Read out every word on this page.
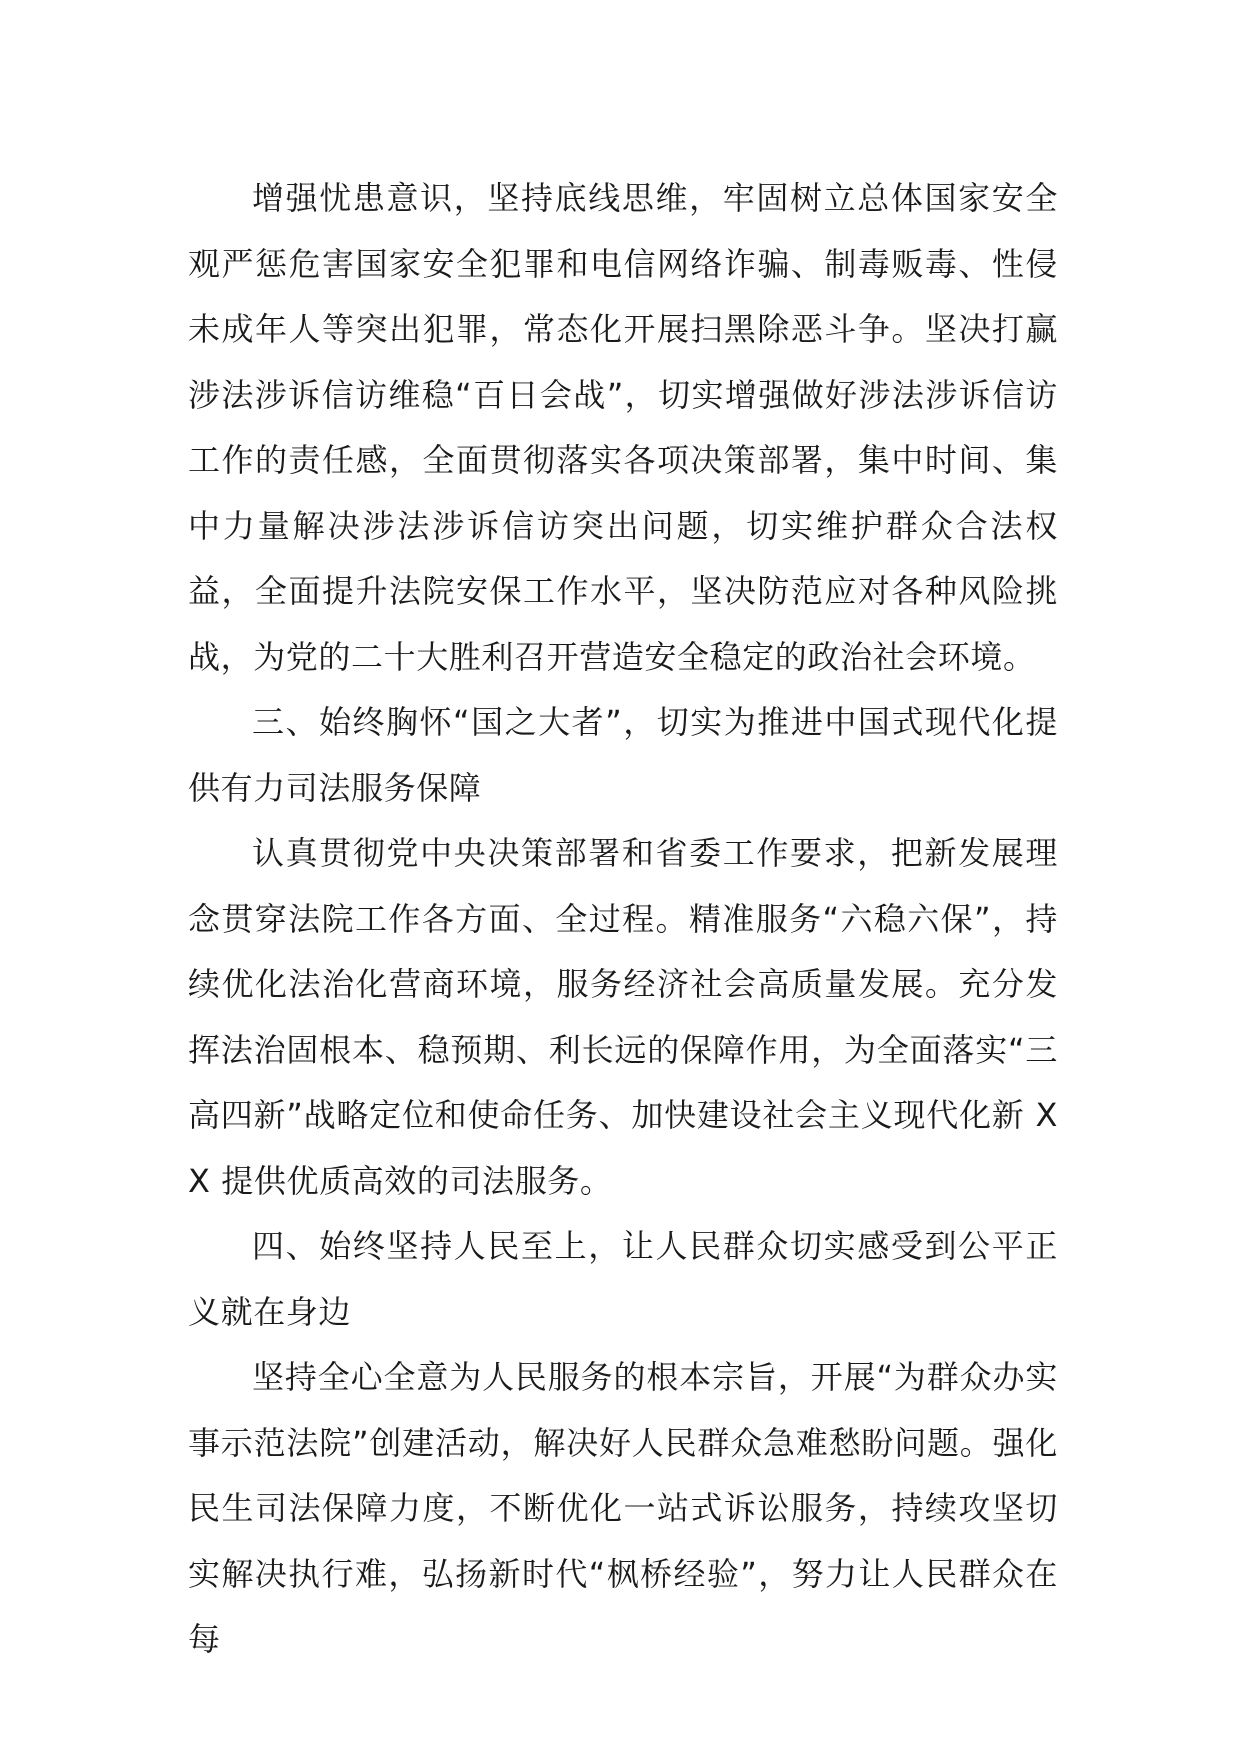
增强忧患意识，坚持底线思维，牢固树立总体国家安全观严惩危害国家安全犯罪和电信网络诈骗、制毒贩毒、性侵未成年人等突出犯罪，常态化开展扫黑除恶斗争。坚决打赢涉法涉诉信访维稳“百日会战”，切实增强做好涉法涉诉信访工作的责任感，全面贯彻落实各项决策部署，集中时间、集中力量解决涉法涉诉信访突出问题，切实维护群众合法权益，全面提升法院安保工作水平，坚决防范应对各种风险挑战，为党的二十大胜利召开营造安全稳定的政治社会环境。

三、始终胸怀“国之大者”，切实为推进中国式现代化提供有力司法服务保障

认真贯彻党中央决策部署和省委工作要求，把新发展理念贯穿法院工作各方面、全过程。精准服务“六稳六保”，持续优化法治化营商环境，服务经济社会高质量发展。充分发挥法治固根本、稳预期、利长远的保障作用，为全面落实“三高四新”战略定位和使命任务、加快建设社会主义现代化新 XX 提供优质高效的司法服务。

四、始终坚持人民至上，让人民群众切实感受到公平正义就在身边

坚持全心全意为人民服务的根本宗旨，开展“为群众办实事示范法院”创建活动，解决好人民群众急难愁盼问题。强化民生司法保障力度，不断优化一站式诉讼服务，持续攻坚切实解决执行难，弘扬新时代“枫桥经验”，努力让人民群众在每
